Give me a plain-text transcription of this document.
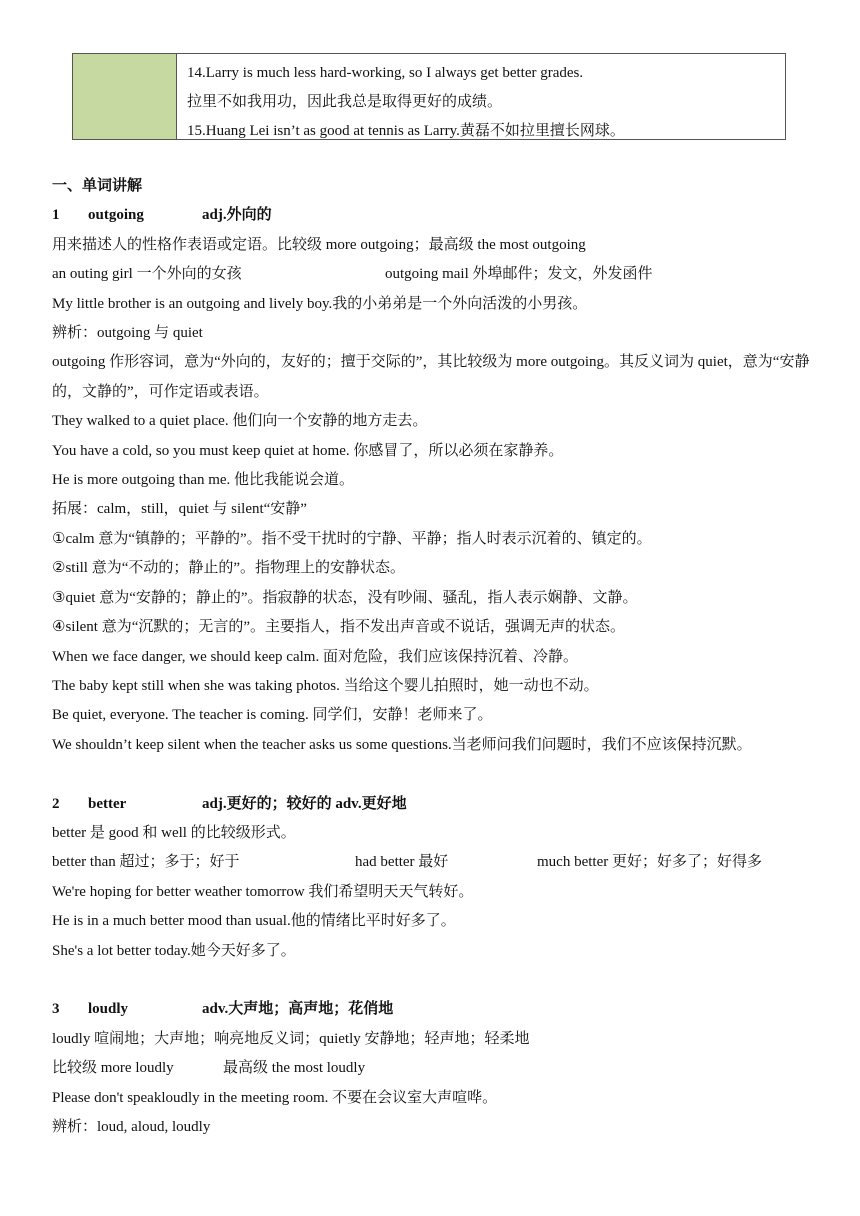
14.Larry is much less hard-working, so I always get better grades.
拉里不如我用功，因此我总是取得更好的成绩。
15.Huang Lei isn’t as good at tennis as Larry.黄磊不如拉里擅长网球。
一、单词讲解
1 outgoing	adj.外向的
用来描述人的性格作表语或定语。比较级 more outgoing；最高级 the most outgoing
an outing girl 一个外向的女孩	outgoing mail 外埠邮件；发文，外发函件
My little brother is an outgoing and lively boy.我的小弟弟是一个外向活泼的小男孩。
辨析：outgoing 与 quiet
outgoing 作形容词，意为“外向的，友好的；擅于交际的”，其比较级为 more outgoing。其反义词为 quiet，意为“安静的，文静的”，可作定语或表语。
They walked to a quiet place. 他们向一个安静的地方走去。
You have a cold, so you must keep quiet at home. 你感冒了，所以必须在家静养。
He is more outgoing than me. 他比我能说会道。
拓展：calm，still，quiet 与 silent“安静”
①calm 意为“镇静的；平静的”。指不受干扰时的宁静、平静；指人时表示沉着的、镇定的。
②still 意为“不动的；静止的”。指物理上的安静状态。
③quiet 意为“安静的；静止的”。指寂静的状态，没有吵闹、骚乱，指人表示娴静、文静。
④silent 意为“沉默的；无言的”。主要指人，指不发出声音或不说话，强调无声的状态。
When we face danger, we should keep calm. 面对危险，我们应该保持沉着、冷静。
The baby kept still when she was taking photos. 当给这个婴儿拍照时，她一动也不动。
Be quiet, everyone. The teacher is coming. 同学们，安静！老师来了。
We shouldn’t keep silent when the teacher asks us some questions.当老师问我们问题时，我们不应该保持沉默。
2 better	adj.更好的；较好的 adv.更好地
better 是 good 和 well 的比较级形式。
better than 超过；多于；好于	had better 最好	much better 更好；好多了；好得多
We're hoping for better weather tomorrow 我们希望明天天气转好。
He is in a much better mood than usual.他的情绪比平时好多了。
She's a lot better today.她今天好多了。
3 loudly	adv.大声地；高声地；花俏地
loudly 喧闹地；大声地；响亮地反义词；quietly 安静地；轻声地；轻柔地
比较级 more loudly	最高级 the most loudly
Please don't speakloudly in the meeting room. 不要在会议室大声喧哗。
辨析：loud, aloud, loudly
